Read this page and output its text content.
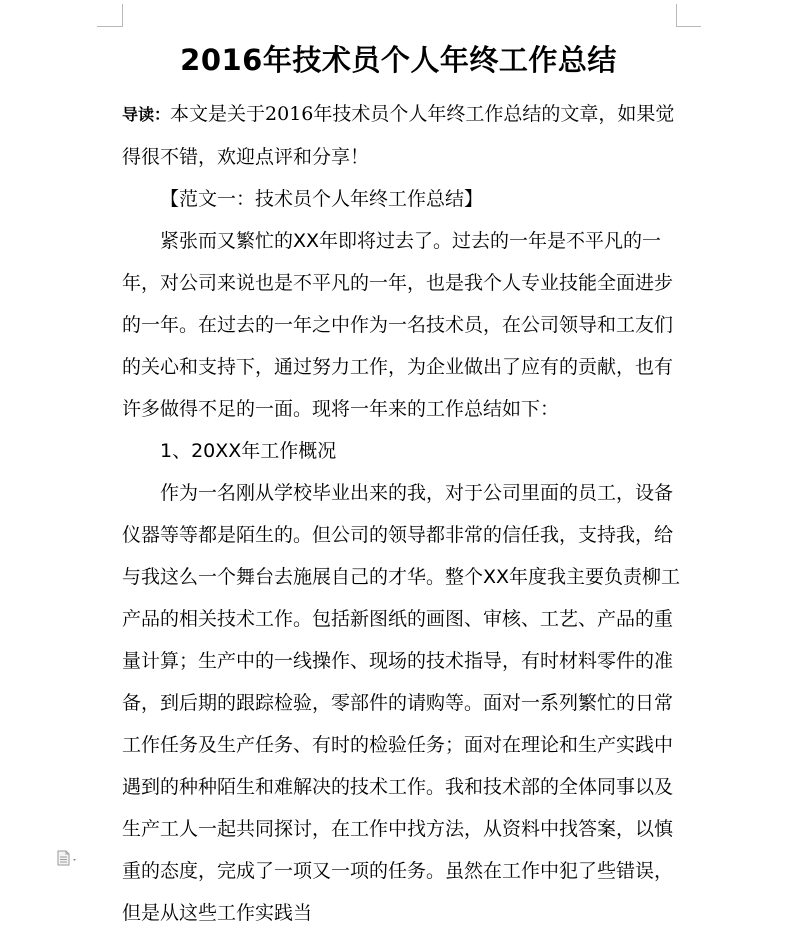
2016年技术员个人年终工作总结

导读：本文是关于2016年技术员个人年终工作总结的文章，如果觉得很不错，欢迎点评和分享！

【范文一：技术员个人年终工作总结】

紧张而又繁忙的XX年即将过去了。过去的一年是不平凡的一年，对公司来说也是不平凡的一年，也是我个人专业技能全面进步的一年。在过去的一年之中作为一名技术员，在公司领导和工友们的关心和支持下，通过努力工作，为企业做出了应有的贡献，也有许多做得不足的一面。现将一年来的工作总结如下：

1、20XX年工作概况

作为一名刚从学校毕业出来的我，对于公司里面的员工，设备仪器等等都是陌生的。但公司的领导都非常的信任我，支持我，给与我这么一个舞台去施展自己的才华。整个XX年度我主要负责柳工产品的相关技术工作。包括新图纸的画图、审核、工艺、产品的重量计算；生产中的一线操作、现场的技术指导，有时材料零件的准备，到后期的跟踪检验，零部件的请购等。面对一系列繁忙的日常工作任务及生产任务、有时的检验任务；面对在理论和生产实践中遇到的种种陌生和难解决的技术工作。我和技术部的全体同事以及生产工人一起共同探讨，在工作中找方法，从资料中找答案，以慎重的态度，完成了一项又一项的任务。虽然在工作中犯了些错误，但是从这些工作实践当
